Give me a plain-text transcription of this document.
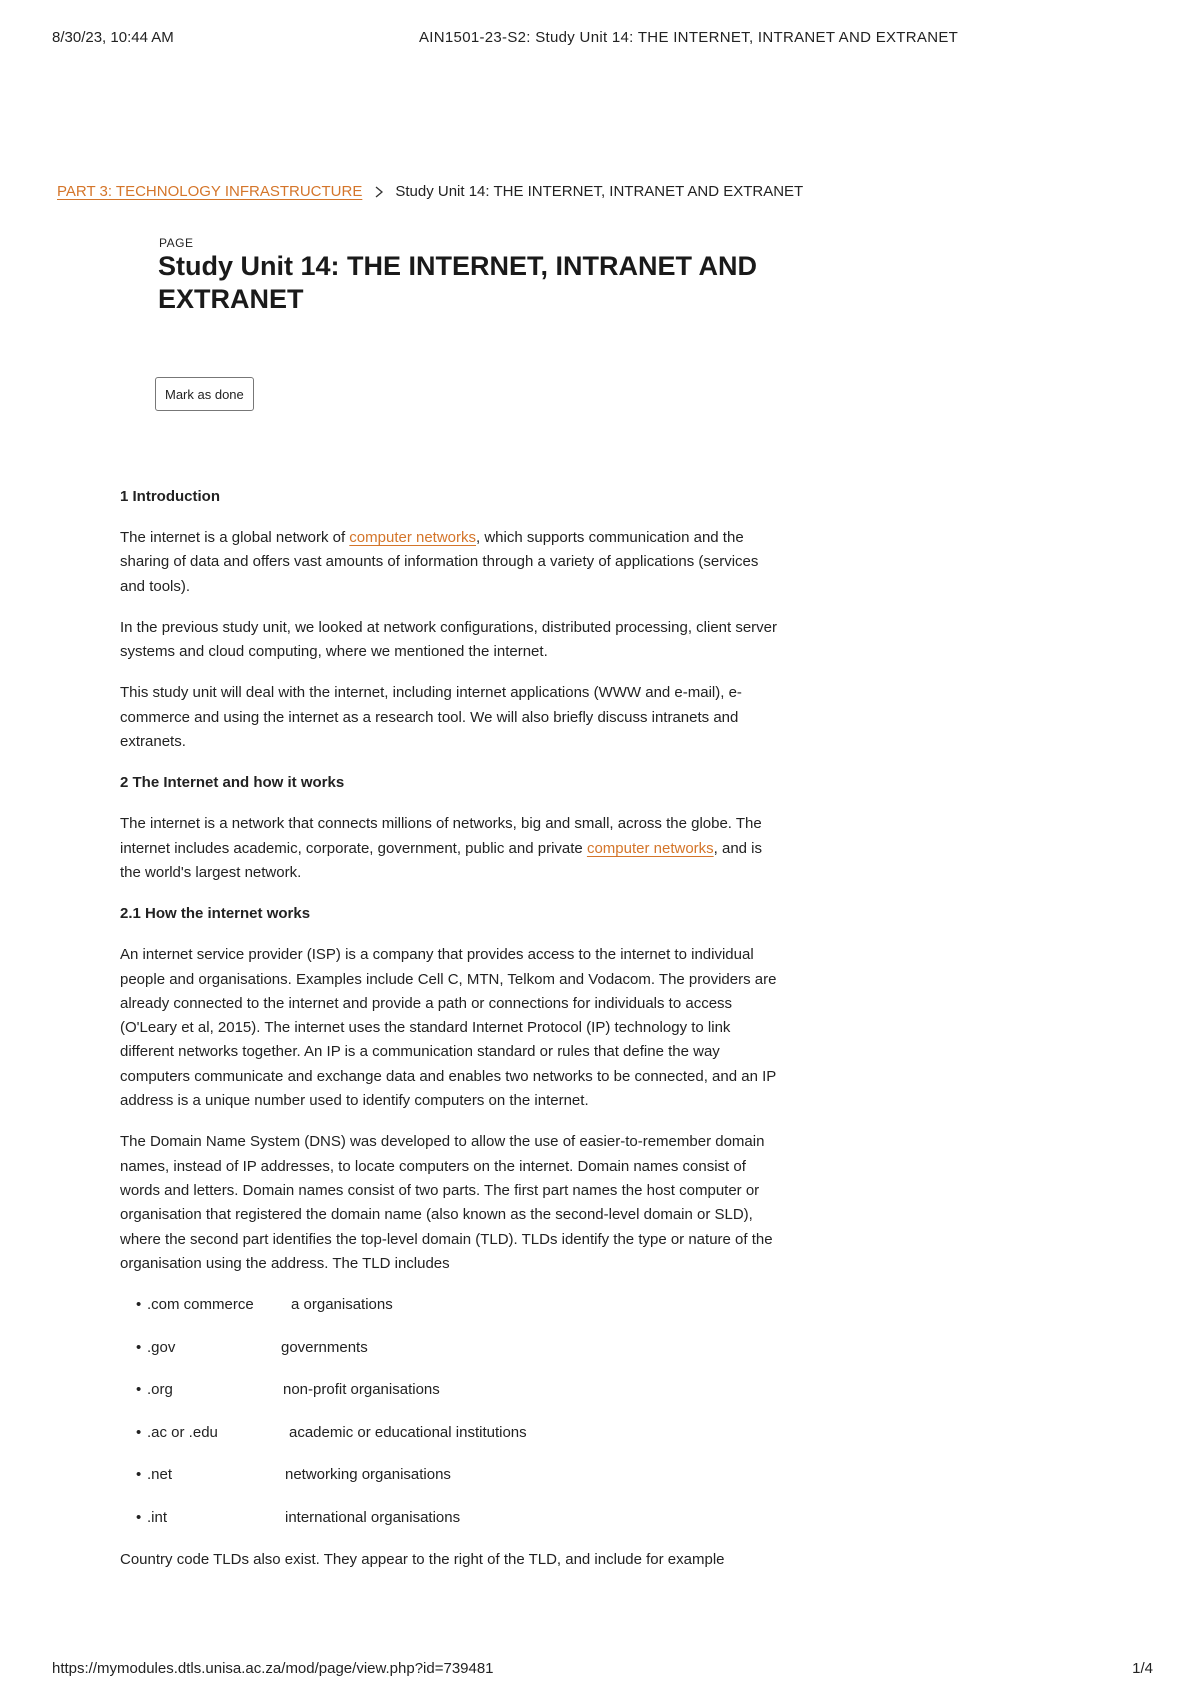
8/30/23, 10:44 AM	AIN1501-23-S2: Study Unit 14: THE INTERNET, INTRANET AND EXTRANET
PART 3: TECHNOLOGY INFRASTRUCTURE Study Unit 14: THE INTERNET, INTRANET AND EXTRANET
PAGE
Study Unit 14: THE INTERNET, INTRANET AND EXTRANET
Mark as done
1 Introduction

The internet is a global network of computer networks, which supports communication and the sharing of data and offers vast amounts of information through a variety of applications (services and tools).

In the previous study unit, we looked at network configurations, distributed processing, client server systems and cloud computing, where we mentioned the internet.

This study unit will deal with the internet, including internet applications (WWW and e-mail), e-commerce and using the internet as a research tool. We will also briefly discuss intranets and extranets.

2 The Internet and how it works

The internet is a network that connects millions of networks, big and small, across the globe. The internet includes academic, corporate, government, public and private computer networks, and is the world's largest network.

2.1 How the internet works

An internet service provider (ISP) is a company that provides access to the internet to individual people and organisations. Examples include Cell C, MTN, Telkom and Vodacom. The providers are already connected to the internet and provide a path or connections for individuals to access (O'Leary et al, 2015). The internet uses the standard Internet Protocol (IP) technology to link different networks together. An IP is a communication standard or rules that define the way computers communicate and exchange data and enables two networks to be connected, and an IP address is a unique number used to identify computers on the internet.

The Domain Name System (DNS) was developed to allow the use of easier-to-remember domain names, instead of IP addresses, to locate computers on the internet. Domain names consist of words and letters. Domain names consist of two parts. The first part names the host computer or organisation that registered the domain name (also known as the second-level domain or SLD), where the second part identifies the top-level domain (TLD). TLDs identify the type or nature of the organisation using the address. The TLD includes

• .com commerce	a organisations
• .gov	governments
• .org	non-profit organisations
• .ac or .edu	academic or educational institutions
• .net	networking organisations
• .int	international organisations

Country code TLDs also exist. They appear to the right of the TLD, and include for example

https://mymodules.dtls.unisa.ac.za/mod/page/view.php?id=739481	1/4
